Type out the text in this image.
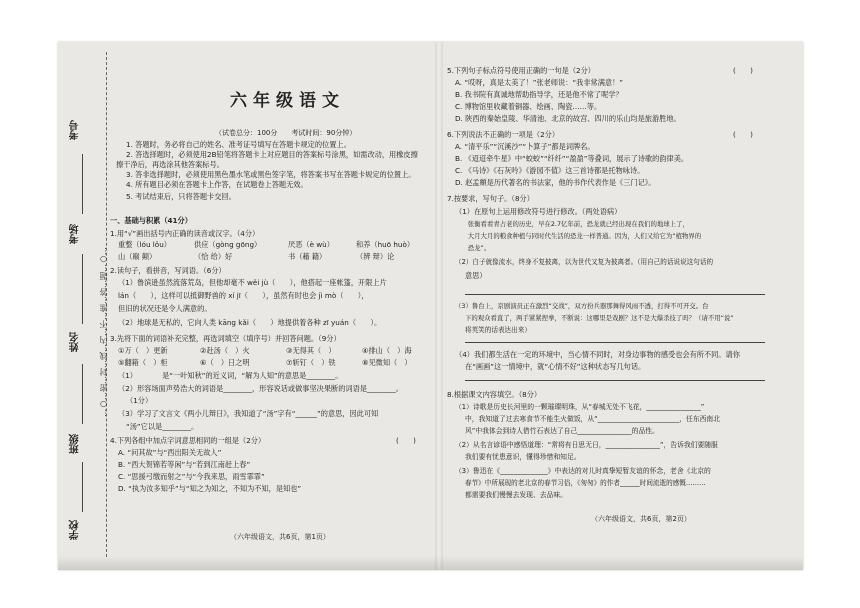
考号
考场
姓名
班级
学校
…○…密…封…线…内…不…准…答…题…○…
六年级语文
（试卷总分：100分　　考试时间：90分钟）
1. 答题时，务必将自己的姓名、准考证号填写在答题卡规定的位置上。
2. 答选择题时，必须使用2B铅笔将答题卡上对应题目的答案标号涂黑，如需改动，用橡皮擦
擦干净后，再选涂其他答案标号。
3. 答非选择题时，必须使用黑色墨水笔或黑色签字笔，将答案书写在答题卡规定的位置上。
4. 所有题目必须在答题卡上作答，在试题卷上答题无效。
5. 考试结束后，只将答题卡交回。
一、基础与积累（41分）
1.用“√”画出括号内正确的读音或汉字。（4分）
重整（lóu lǒu）	供应（gòng gōng）	厌恶（è wù）	和养（huō huò）
山（巅 颠）	（恰 给）好	书（藉 籍）	（辨 辩）论
2.读句子，看拼音，写词语。（6分）
（1）鲁滨逊虽然流落荒岛，但他却毫不 wěi jù（　　），他搭起一座帐篷，开限上片
lán（　　），这样可以抵御野兽的 xí jī（　　），虽然有时也会 jì mò（　　），
但旧的状况还是令人满意的。
（2）地球是无私的，它向人类 kāng kǎi（　　）地提供着各种 zī yuán（　　）。
3.先将下面的词语补充完整，再选词填空（填序号）并回答问题。（9分）
①万（　）更新	②赴汤（　）火	③无得其（　）	④排山（　）海
⑤翻箱（　）柜	⑥（　）日之明	⑦斩钉（　）铁	⑧见微知（　）
（1）　　　　是“一叶知秋”的近义词，“解为人知”的意思是________。
（2）形容场面声势浩大的词语是________，形容说话或做事坚决果断的词语是________。
（1分）
（3）学习了文言文《两小儿辩日》，我知道了“汤”字有“______”的意思，因此可知
“汤”它以是________。
4.下列各组中加点字词意思相同的一组是（2分）	(　　)
A. “问其故”与“西出阳关无故人”
B. “西大贺锦若等闲”与“若到江南赶上春”
C. “思援弓缴而射之”与“今我来思，雨雪霏霏”
D. “执为汝多知乎”与“知之为知之，不知为不知，是知也”
（六年级语文，共6页，第1页）
5.下列句子标点符号使用正确的一句是（2分）	(　　)
A. “哎呀，真是太美了！”张老师说：“我非常满意！”
B. 我书院有真诚地帮助指导学，还是他不常了呢学？
C. 博物馆里收藏着铜器、绘画、陶瓷……等。
D. 陕西的秦始皇陵、华清池、北京的故宫、四川的乐山均是旅游胜地。
6.下列说法不正确的一项是（2分）	(　　)
A. “清平乐”“沉溪沙”“卜算子”都是词牌名。
B. 《迢迢牵牛星》中“蛟蛟”“纤纤”“盈盈”等叠词，展示了诗歌的韵律美。
C. 《马诗》《石灰吟》《游园不值》这三首诗都是托物咏诗。
D. 赵孟頫是历代著名的书法家，他的书作代表作是《三门记》。
7.按要求，写句子。（8分）
（1）在原句上运用修改符号进行修改。（两处语病）
　　张衡看看青占老的历史，早在2.7亿年前，恐龙就已经出现在我们的地球上了，
　　大月大月的粮食种植与同时代生活的恐龙一样普通。因为，人们又给它为“植物界的
　　恐龙”。
（2）白子就像流水，终身不复披离，以为世代又复为披离者。（用自己的话说说这句话的
意思）
（3）鲁台上，京剧演员正在激烈“交战”，双方扮兵器那舞得风雨不透，打得不可开交。台
下的观众看直了，两手紧紧捏拳，不断说：这哪里是戏剧？这不是大爆杀技了吗？（请不用“说”
将英笑的话表达出来）
（4）我们都生活在一定的环境中，当心情不同时，对身边事物的感受也会有所不同。请你
在“画画”这一情境中，就“心情不好”这种状态写几句话。
8.根据课文内容填空。（8分）
（1）诗歌是历史长河里的一颗璀璨明珠，从“春城无处不飞花，________________”
中，我知道了过去寒食节不能生火做饭，从“________________________，任东西南北
风”中我体会到诗人借竹石表达了自己________________的品性。
（2）从名言谚语中感悟道理：“常将有日思无日，________________”，告诉我们要随服
我们要有忧患意识，懂得珍惜和知足。
（3）鲁迅在《______________》中表达的对儿时真挚短暂友谊的怀念，老舍《北京的
春节》中所展现的老北京的春节习俗，《匆匆》的作者______时间流逝的感慨………
都需要我们慢慢去发现、去品味。
（六年级语文，共6页，第2页）
